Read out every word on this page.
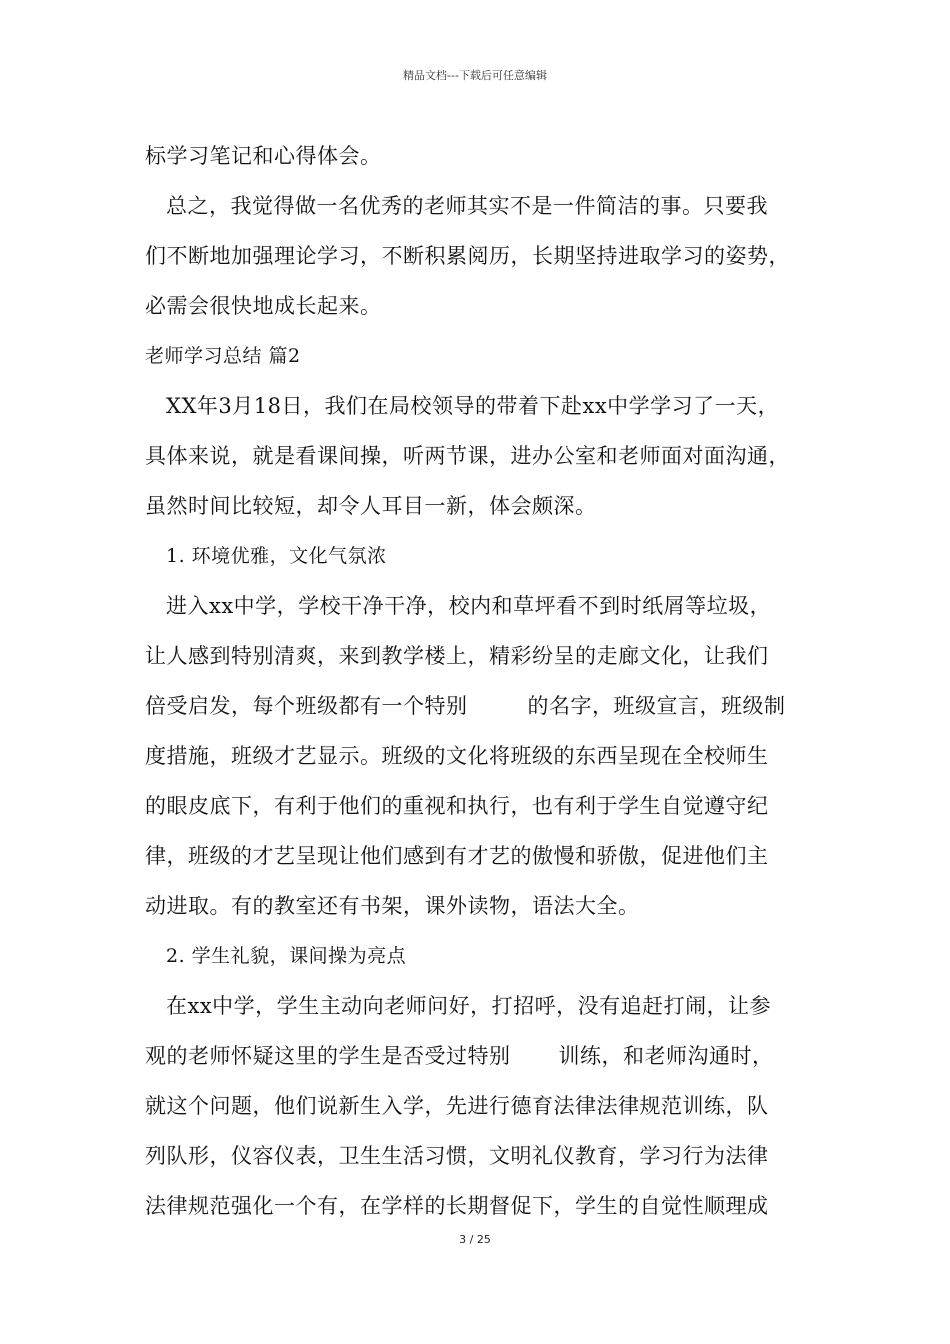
精品文档---下载后可任意编辑
标学习笔记和心得体会。
总之，我觉得做一名优秀的老师其实不是一件简洁的事。只要我
们不断地加强理论学习，不断积累阅历，长期坚持进取学习的姿势，
必需会很快地成长起来。
老师学习总结 篇2
XX年3月18日，我们在局校领导的带着下赴xx中学学习了一天，
具体来说，就是看课间操，听两节课，进办公室和老师面对面沟通，
虽然时间比较短，却令人耳目一新，体会颇深。
1. 环境优雅，文化气氛浓
进入xx中学，学校干净干净，校内和草坪看不到时纸屑等垃圾，
让人感到特别清爽，来到教学楼上，精彩纷呈的走廊文化，让我们
倍受启发，每个班级都有一个特别	的名字，班级宣言，班级制
度措施，班级才艺显示。班级的文化将班级的东西呈现在全校师生
的眼皮底下，有利于他们的重视和执行，也有利于学生自觉遵守纪
律，班级的才艺呈现让他们感到有才艺的傲慢和骄傲，促进他们主
动进取。有的教室还有书架，课外读物，语法大全。
2. 学生礼貌，课间操为亮点
在xx中学，学生主动向老师问好，打招呼，没有追赶打闹，让参
观的老师怀疑这里的学生是否受过特别 训练，和老师沟通时，
就这个问题，他们说新生入学，先进行德育法律法律规范训练，队
列队形，仪容仪表，卫生生活习惯，文明礼仪教育，学习行为法律
法律规范强化一个有，在学样的长期督促下，学生的自觉性顺理成
3 / 25
